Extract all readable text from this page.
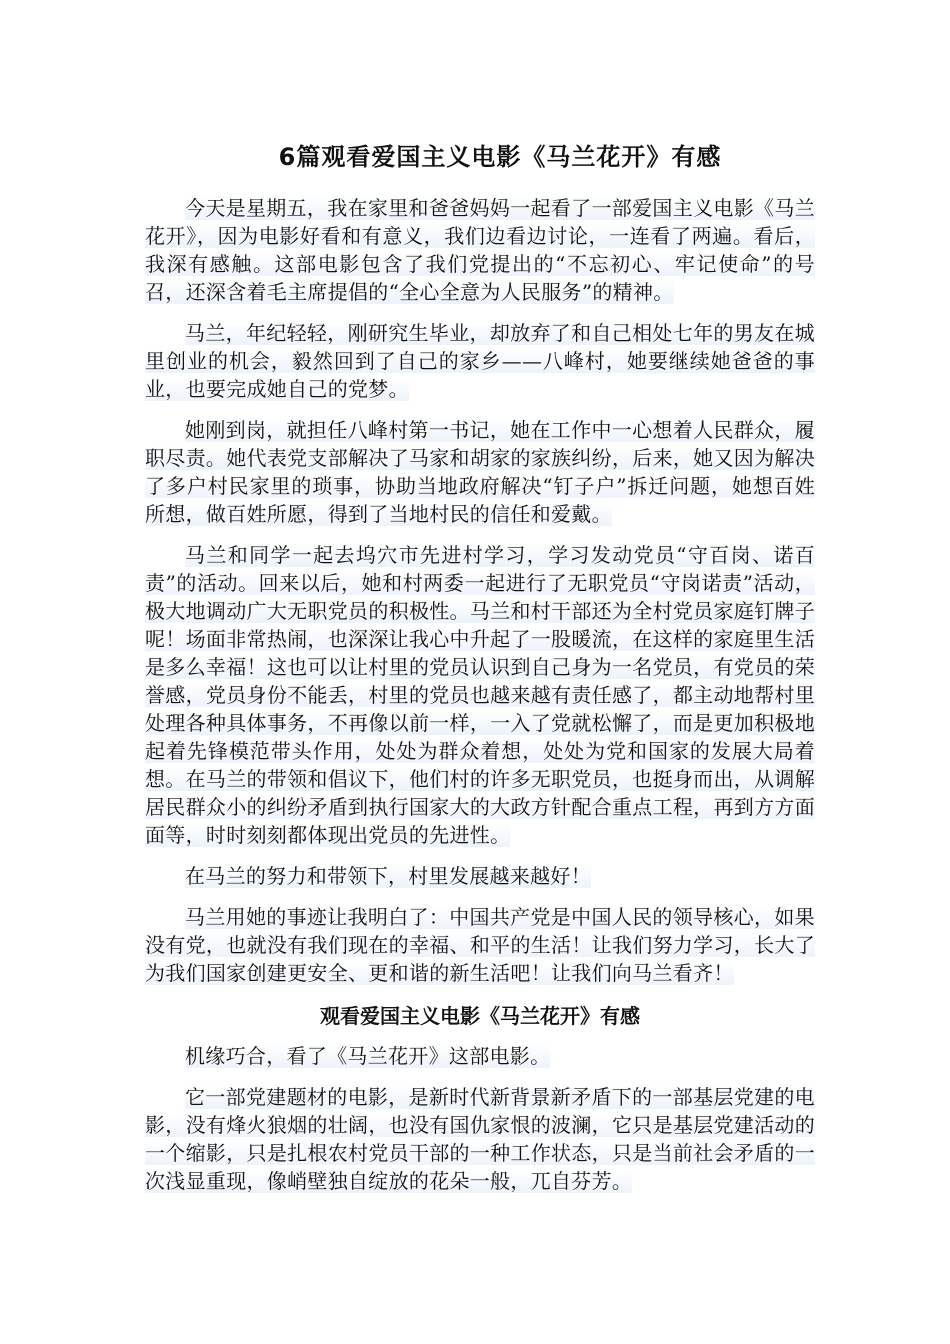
6篇观看爱国主义电影《马兰花开》有感

今天是星期五，我在家里和爸爸妈妈一起看了一部爱国主义电影《马兰花开》，因为电影好看和有意义，我们边看边讨论，一连看了两遍。看后，我深有感触。这部电影包含了我们党提出的“不忘初心、牢记使命”的号召，还深含着毛主席提倡的“全心全意为人民服务”的精神。

马兰，年纪轻轻，刚研究生毕业，却放弃了和自己相处七年的男友在城里创业的机会，毅然回到了自己的家乡——八峰村，她要继续她爸爸的事业，也要完成她自己的党梦。

她刚到岗，就担任八峰村第一书记，她在工作中一心想着人民群众，履职尽责。她代表党支部解决了马家和胡家的家族纠纷，后来，她又因为解决了多户村民家里的琐事，协助当地政府解决“钉子户”拆迁问题，她想百姓所想，做百姓所愿，得到了当地村民的信任和爱戴。

马兰和同学一起去坞穴市先进村学习，学习发动党员“守百岗、诺百责”的活动。回来以后，她和村两委一起进行了无职党员“守岗诺责”活动，极大地调动广大无职党员的积极性。马兰和村干部还为全村党员家庭钉牌子呢！场面非常热闹，也深深让我心中升起了一股暖流，在这样的家庭里生活是多么幸福！这也可以让村里的党员认识到自己身为一名党员，有党员的荣誉感，党员身份不能丢，村里的党员也越来越有责任感了，都主动地帮村里处理各种具体事务，不再像以前一样，一入了党就松懈了，而是更加积极地起着先锋模范带头作用，处处为群众着想，处处为党和国家的发展大局着想。在马兰的带领和倡议下，他们村的许多无职党员，也挺身而出，从调解居民群众小的纠纷矛盾到执行国家大的大政方针配合重点工程，再到方方面面等，时时刻刻都体现出党员的先进性。

在马兰的努力和带领下，村里发展越来越好！

马兰用她的事迹让我明白了：中国共产党是中国人民的领导核心，如果没有党，也就没有我们现在的幸福、和平的生活！让我们努力学习，长大了为我们国家创建更安全、更和谐的新生活吧！让我们向马兰看齐！

观看爱国主义电影《马兰花开》有感

机缘巧合，看了《马兰花开》这部电影。

它一部党建题材的电影，是新时代新背景新矛盾下的一部基层党建的电影，没有烽火狼烟的壮阔，也没有国仇家恨的波澜，它只是基层党建活动的一个缩影，只是扎根农村党员干部的一种工作状态，只是当前社会矛盾的一次浅显重现，像峭壁独自绽放的花朵一般，兀自芬芳。
